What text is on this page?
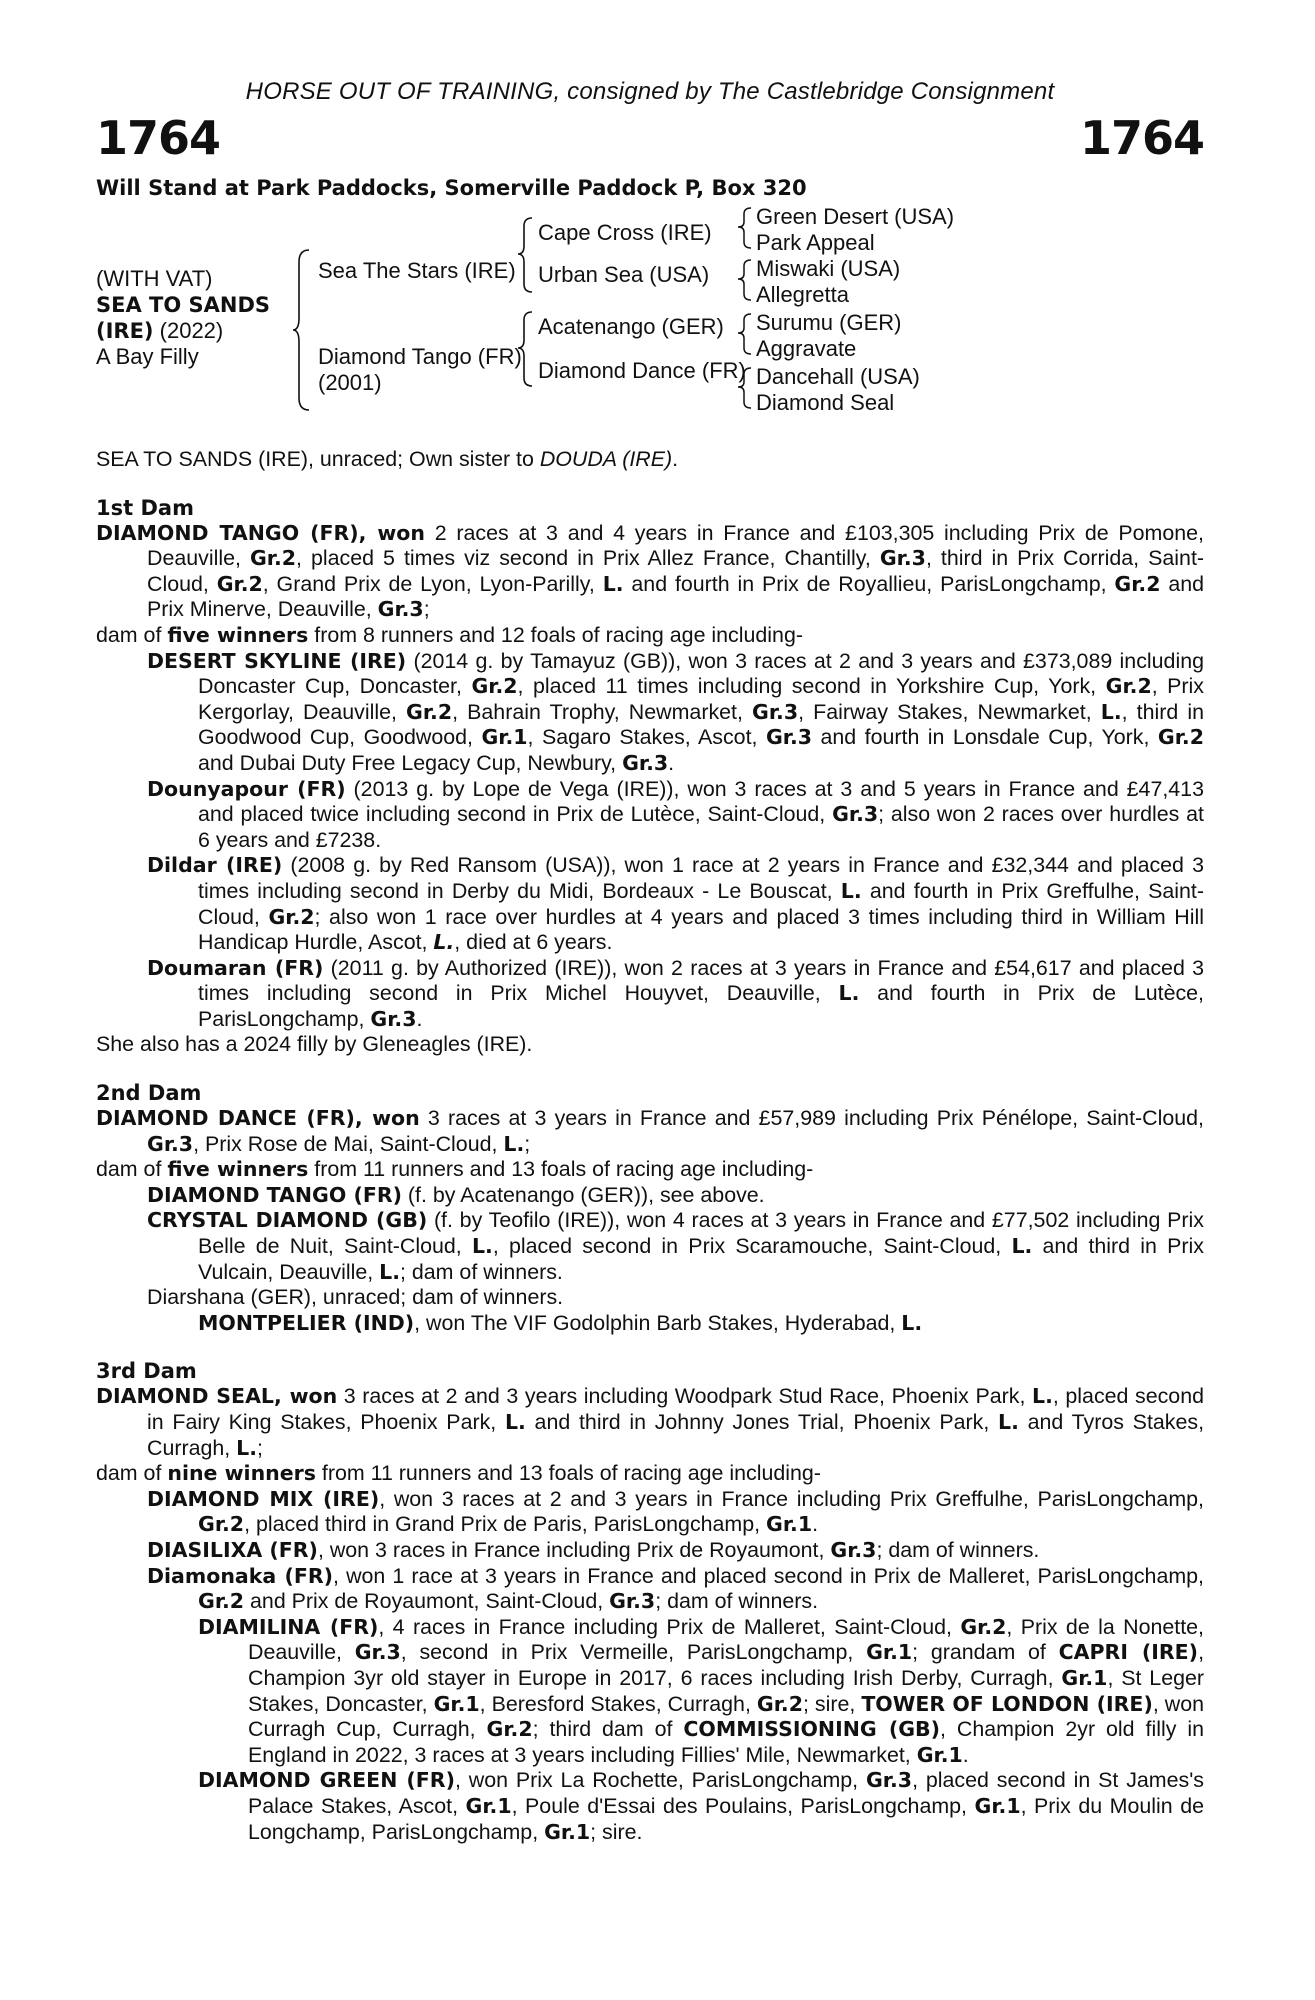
HORSE OUT OF TRAINING, consigned by The Castlebridge Consignment
1764	1764
Will Stand at Park Paddocks, Somerville Paddock P, Box 320
(WITH VAT)
SEA TO SANDS
(IRE) (2022)
A Bay Filly
Sea The Stars (IRE)
Diamond Tango (FR)
(2001)
Cape Cross (IRE)
Urban Sea (USA)
Acatenango (GER)
Diamond Dance (FR)
Green Desert (USA)
Park Appeal
Miswaki (USA)
Allegretta
Surumu (GER)
Aggravate
Dancehall (USA)
Diamond Seal

SEA TO SANDS (IRE), unraced; Own sister to DOUDA (IRE).

1st Dam

DIAMOND TANGO (FR), won 2 races at 3 and 4 years in France and £103,305 including Prix de Pomone, Deauville, Gr.2, placed 5 times viz second in Prix Allez France, Chantilly, Gr.3, third in Prix Corrida, Saint-Cloud, Gr.2, Grand Prix de Lyon, Lyon-Parilly, L. and fourth in Prix de Royallieu, ParisLongchamp, Gr.2 and Prix Minerve, Deauville, Gr.3;

dam of five winners from 8 runners and 12 foals of racing age including-

DESERT SKYLINE (IRE) (2014 g. by Tamayuz (GB)), won 3 races at 2 and 3 years and £373,089 including Doncaster Cup, Doncaster, Gr.2, placed 11 times including second in Yorkshire Cup, York, Gr.2, Prix Kergorlay, Deauville, Gr.2, Bahrain Trophy, Newmarket, Gr.3, Fairway Stakes, Newmarket, L., third in Goodwood Cup, Goodwood, Gr.1, Sagaro Stakes, Ascot, Gr.3 and fourth in Lonsdale Cup, York, Gr.2 and Dubai Duty Free Legacy Cup, Newbury, Gr.3.

Dounyapour (FR) (2013 g. by Lope de Vega (IRE)), won 3 races at 3 and 5 years in France and £47,413 and placed twice including second in Prix de Lutèce, Saint-Cloud, Gr.3; also won 2 races over hurdles at 6 years and £7238.

Dildar (IRE) (2008 g. by Red Ransom (USA)), won 1 race at 2 years in France and £32,344 and placed 3 times including second in Derby du Midi, Bordeaux - Le Bouscat, L. and fourth in Prix Greffulhe, Saint-Cloud, Gr.2; also won 1 race over hurdles at 4 years and placed 3 times including third in William Hill Handicap Hurdle, Ascot, L., died at 6 years.

Doumaran (FR) (2011 g. by Authorized (IRE)), won 2 races at 3 years in France and £54,617 and placed 3 times including second in Prix Michel Houyvet, Deauville, L. and fourth in Prix de Lutèce, ParisLongchamp, Gr.3.

She also has a 2024 filly by Gleneagles (IRE).

2nd Dam

DIAMOND DANCE (FR), won 3 races at 3 years in France and £57,989 including Prix Pénélope, Saint-Cloud, Gr.3, Prix Rose de Mai, Saint-Cloud, L.;

dam of five winners from 11 runners and 13 foals of racing age including-

DIAMOND TANGO (FR) (f. by Acatenango (GER)), see above.

CRYSTAL DIAMOND (GB) (f. by Teofilo (IRE)), won 4 races at 3 years in France and £77,502 including Prix Belle de Nuit, Saint-Cloud, L., placed second in Prix Scaramouche, Saint-Cloud, L. and third in Prix Vulcain, Deauville, L.; dam of winners.

Diarshana (GER), unraced; dam of winners.

MONTPELIER (IND), won The VIF Godolphin Barb Stakes, Hyderabad, L.

3rd Dam

DIAMOND SEAL, won 3 races at 2 and 3 years including Woodpark Stud Race, Phoenix Park, L., placed second in Fairy King Stakes, Phoenix Park, L. and third in Johnny Jones Trial, Phoenix Park, L. and Tyros Stakes, Curragh, L.;

dam of nine winners from 11 runners and 13 foals of racing age including-

DIAMOND MIX (IRE), won 3 races at 2 and 3 years in France including Prix Greffulhe, ParisLongchamp, Gr.2, placed third in Grand Prix de Paris, ParisLongchamp, Gr.1.

DIASILIXA (FR), won 3 races in France including Prix de Royaumont, Gr.3; dam of winners.

Diamonaka (FR), won 1 race at 3 years in France and placed second in Prix de Malleret, ParisLongchamp, Gr.2 and Prix de Royaumont, Saint-Cloud, Gr.3; dam of winners.

DIAMILINA (FR), 4 races in France including Prix de Malleret, Saint-Cloud, Gr.2, Prix de la Nonette, Deauville, Gr.3, second in Prix Vermeille, ParisLongchamp, Gr.1; grandam of CAPRI (IRE), Champion 3yr old stayer in Europe in 2017, 6 races including Irish Derby, Curragh, Gr.1, St Leger Stakes, Doncaster, Gr.1, Beresford Stakes, Curragh, Gr.2; sire, TOWER OF LONDON (IRE), won Curragh Cup, Curragh, Gr.2; third dam of COMMISSIONING (GB), Champion 2yr old filly in England in 2022, 3 races at 3 years including Fillies' Mile, Newmarket, Gr.1.

DIAMOND GREEN (FR), won Prix La Rochette, ParisLongchamp, Gr.3, placed second in St James's Palace Stakes, Ascot, Gr.1, Poule d'Essai des Poulains, ParisLongchamp, Gr.1, Prix du Moulin de Longchamp, ParisLongchamp, Gr.1; sire.
